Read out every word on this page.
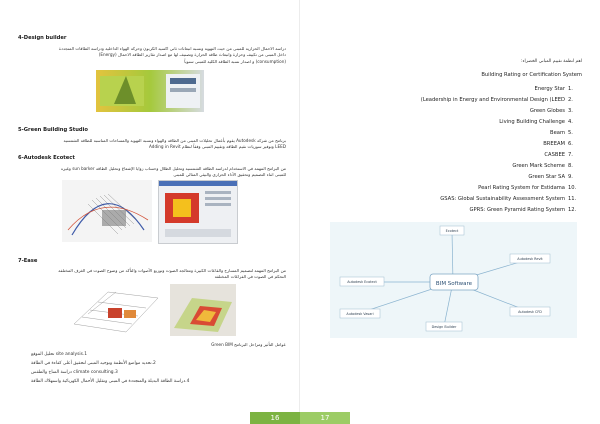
4-Design builder
دراسة الاحمال الحرارية للمبنى من حيث التهوية ونسبة انبعاثات ثاني اكسيد الكربون وحركة الهواء الداخلية ودراسة الطاقات المتجددة
داخل المبنى من تكييف وحرارة وانبعاث طاقة الحرارة وتصنيف لها مع اصدار تقارير الطاقة الاحمال (Energy)
(consumption) و اصدار نسبة الطاقة الكلية للمبنى سنوياً
5-Green Building Studio
برنامج من شركة Autodesk يقوم بأعمال تحليلات المبنى من الطاقة والهواء ونسبة التهوية والمساحات المناسبة للطاقة الشمسية
LEED وتوفير سوريات نقيم الطاقة وتقييم المبنى وفقاً لنظام Adding in Revit
6-Autodesk Ecotect
من البرامج المهمة في الاستخدام لدراسة الطاقة الشمسية وتحليل الظلال وحساب زوايا الإشعاع وتحليل الطاقة sun barker وغيره
للمبنى اثناء التصميم وتحقيق الأداء الحراري والبيئي المثالي للمبنى
7-Ease
من البرامج المهمة لتصميم المسارح والقاعات الكبيرة ومعالجة الصوت وتوزيع الأصوات والتأكد من وضوح الصوت في الغرف المختلفة
التحكم في الصوت في الفراغات المختلفة
عوامل التأثير ومراحل البرنامج Green BIM
1.
site analysis تحليل الموقع
2.
تحديد مواضع الأنظمة وتوجيه المبنى لتحقيق أعلى كفاءة في الطاقة
3.
climate consulting دراسة المناخ والطقس
4.
دراسة الطاقة البديلة والمتجددة في المبنى وتقليل الأحمال الكهربائية واستهلاك الطاقة
اهم انظمة تقييم المباني الخضراء:
Building Rating or Certification System
Energy Star 1.
(Leadership in Energy and Environmental Design (LEED 2.
Green Globes 3.
Living Building Challenge 4.
Beam 5.
BREEAM 6.
CASBEE 7.
Green Mark Scheme 8.
Green Star SA 9.
Pearl Rating System for Estidama 10.
GSAS: Global Sustainability Assessment System 11.
GPRS: Green Pyramid Rating System 12.
BIM Software
Ecotect
Autodesk Ecotect
Autodesk Vasari
Design Builder
Autodesk CFD
Autodesk Revit
16	17
